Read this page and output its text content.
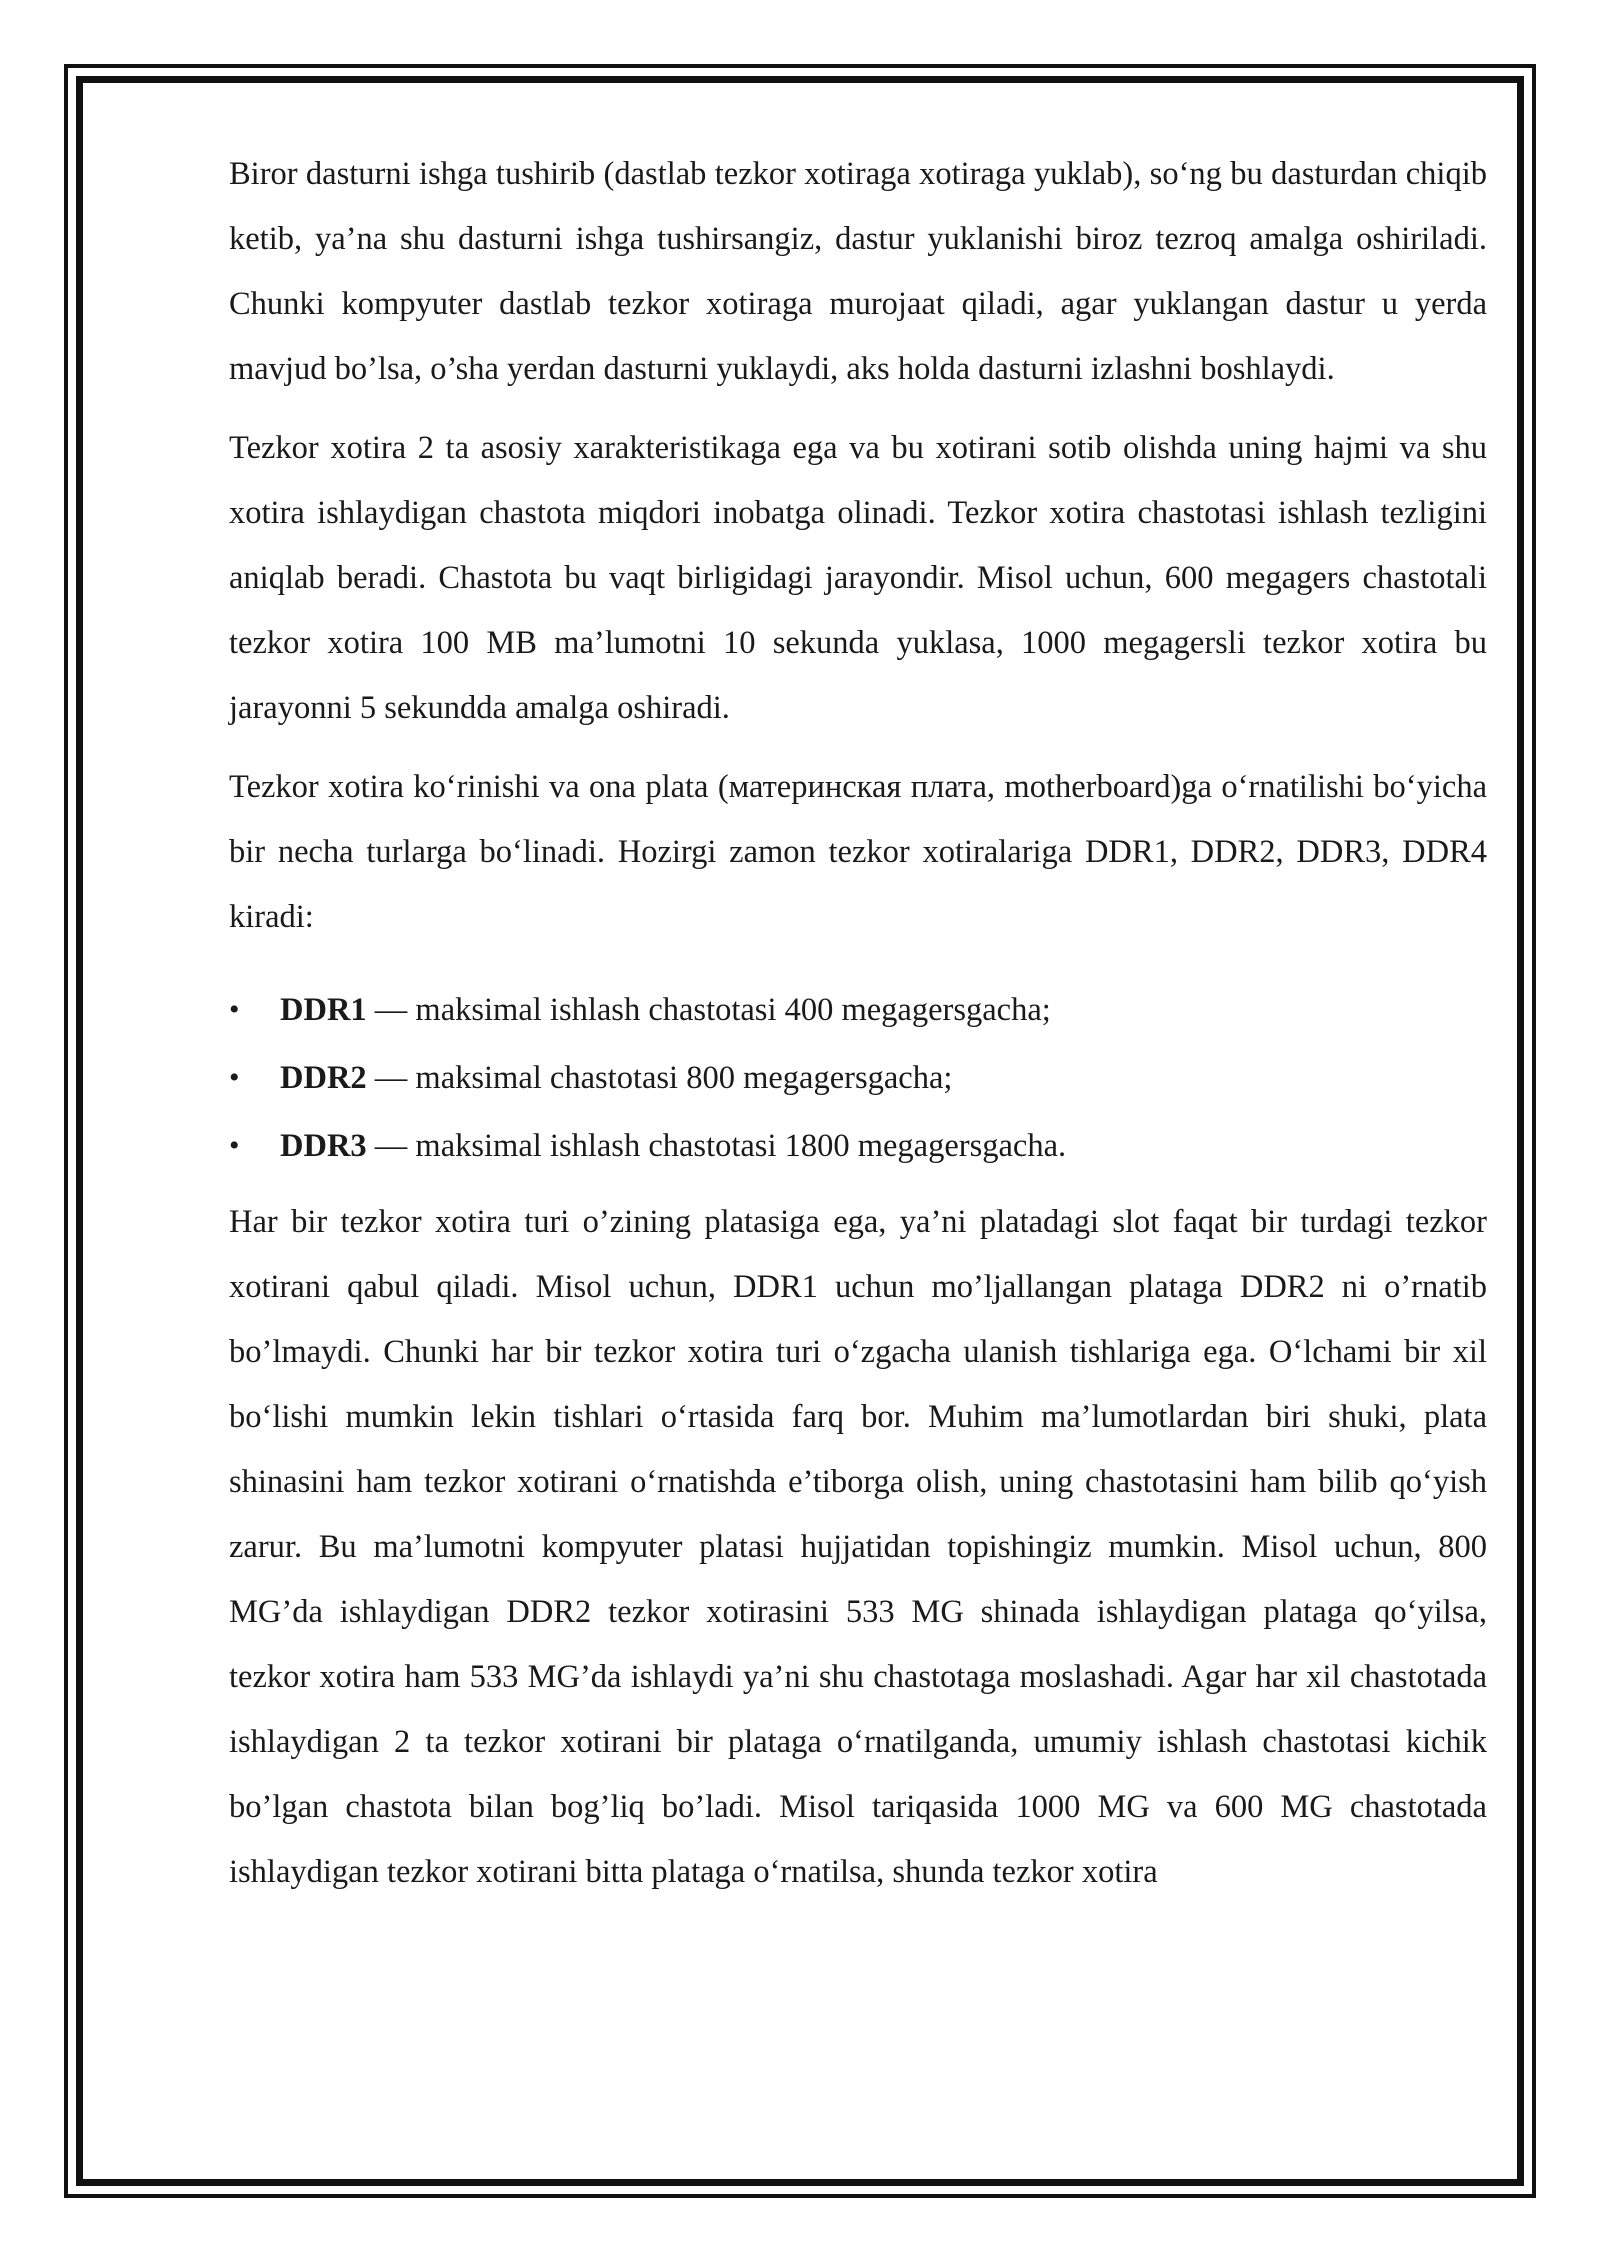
Biror dasturni ishga tushirib (dastlab tezkor xotiraga xotiraga yuklab), so‘ng bu dasturdan chiqib ketib, ya’na shu dasturni ishga tushirsangiz, dastur yuklanishi biroz tezroq amalga oshiriladi. Chunki kompyuter dastlab tezkor xotiraga murojaat qiladi, agar yuklangan dastur u yerda mavjud bo’lsa, o’sha yerdan dasturni yuklaydi, aks holda dasturni izlashni boshlaydi.

Tezkor xotira 2 ta asosiy xarakteristikaga ega va bu xotirani sotib olishda uning hajmi va shu xotira ishlaydigan chastota miqdori inobatga olinadi. Tezkor xotira chastotasi ishlash tezligini aniqlab beradi. Chastota bu vaqt birligidagi jarayondir. Misol uchun, 600 megagers chastotali tezkor xotira 100 MB ma’lumotni 10 sekunda yuklasa, 1000 megagersli tezkor xotira bu jarayonni 5 sekundda amalga oshiradi.

Tezkor xotira ko‘rinishi va ona plata (материнская плата, motherboard)ga o‘rnatilishi bo‘yicha bir necha turlarga bo‘linadi. Hozirgi zamon tezkor xotiralariga DDR1, DDR2, DDR3, DDR4 kiradi:

• DDR1 — maksimal ishlash chastotasi 400 megagersgacha;
• DDR2 — maksimal chastotasi 800 megagersgacha;
• DDR3 — maksimal ishlash chastotasi 1800 megagersgacha.

Har bir tezkor xotira turi o’zining platasiga ega, ya’ni platadagi slot faqat bir turdagi tezkor xotirani qabul qiladi. Misol uchun, DDR1 uchun mo’ljallangan plataga DDR2 ni o’rnatib bo’lmaydi. Chunki har bir tezkor xotira turi o‘zgacha ulanish tishlariga ega. O‘lchami bir xil bo‘lishi mumkin lekin tishlari o‘rtasida farq bor. Muhim ma’lumotlardan biri shuki, plata shinasini ham tezkor xotirani o‘rnatishda e’tiborga olish, uning chastotasini ham bilib qo‘yish zarur. Bu ma’lumotni kompyuter platasi hujjatidan topishingiz mumkin. Misol uchun, 800 MG’da ishlaydigan DDR2 tezkor xotirasini 533 MG shinada ishlaydigan plataga qo‘yilsa, tezkor xotira ham 533 MG’da ishlaydi ya’ni shu chastotaga moslashadi. Agar har xil chastotada ishlaydigan 2 ta tezkor xotirani bir plataga o‘rnatilganda, umumiy ishlash chastotasi kichik bo’lgan chastota bilan bog’liq bo’ladi. Misol tariqasida 1000 MG va 600 MG chastotada ishlaydigan tezkor xotirani bitta plataga o‘rnatilsa, shunda tezkor xotira
